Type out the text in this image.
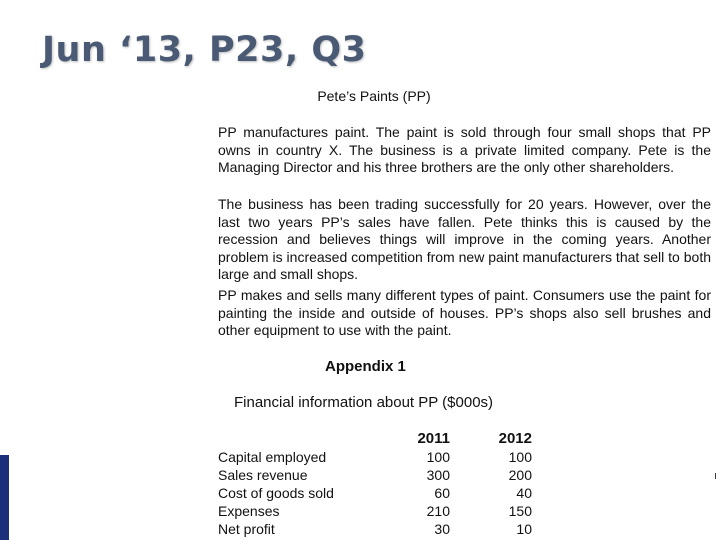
Jun ‘13, P23, Q3
ı
Pete’s Paints (PP)

PP manufactures paint. The paint is sold through four small shops that PP owns in country X. The business is a private limited company. Pete is the Managing Director and his three brothers are the only other shareholders.

The business has been trading successfully for 20 years. However, over the last two years PP’s sales have fallen. Pete thinks this is caused by the recession and believes things will improve in the coming years. Another problem is increased competition from new paint manufacturers that sell to both large and small shops.

PP makes and sells many different types of paint. Consumers use the paint for painting the inside and outside of houses. PP’s shops also sell brushes and other equipment to use with the paint.

Appendix 1
Financial information about PP ($000s)
	2011	2012
Capital employed	100	100
Sales revenue	300	200
Cost of goods sold	60	40
Expenses	210	150
Net profit	30	10
